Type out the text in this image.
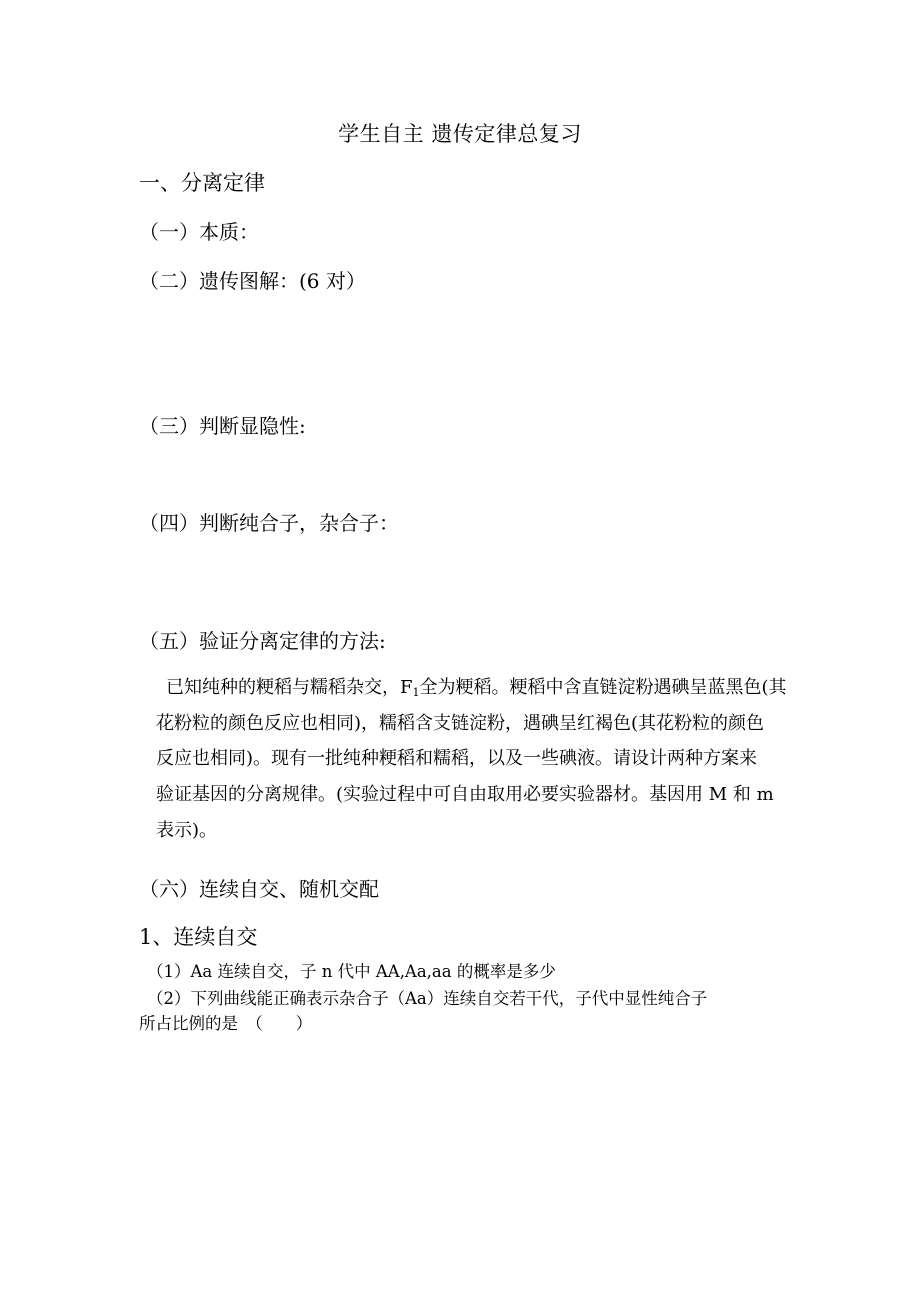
学生自主 遗传定律总复习
一、分离定律
（一）本质：
（二）遗传图解：(6 对）
（三）判断显隐性:
（四）判断纯合子，杂合子：
（五）验证分离定律的方法:
已知纯种的粳稻与糯稻杂交，$F_1$全为粳稻。粳稻中含直链淀粉遇碘呈蓝黑色(其
花粉粒的颜色反应也相同)，糯稻含支链淀粉，遇碘呈红褐色(其花粉粒的颜色
反应也相同)。现有一批纯种粳稻和糯稻，以及一些碘液。请设计两种方案来
验证基因的分离规律。(实验过程中可自由取用必要实验器材。基因用 M 和 m
表示)。
（六）连续自交、随机交配
1、连续自交
（1）Aa 连续自交，子 n 代中 AA,Aa,aa 的概率是多少
（2）下列曲线能正确表示杂合子（Aa）连续自交若干代，子代中显性纯合子
所占比例的是　（　　）
